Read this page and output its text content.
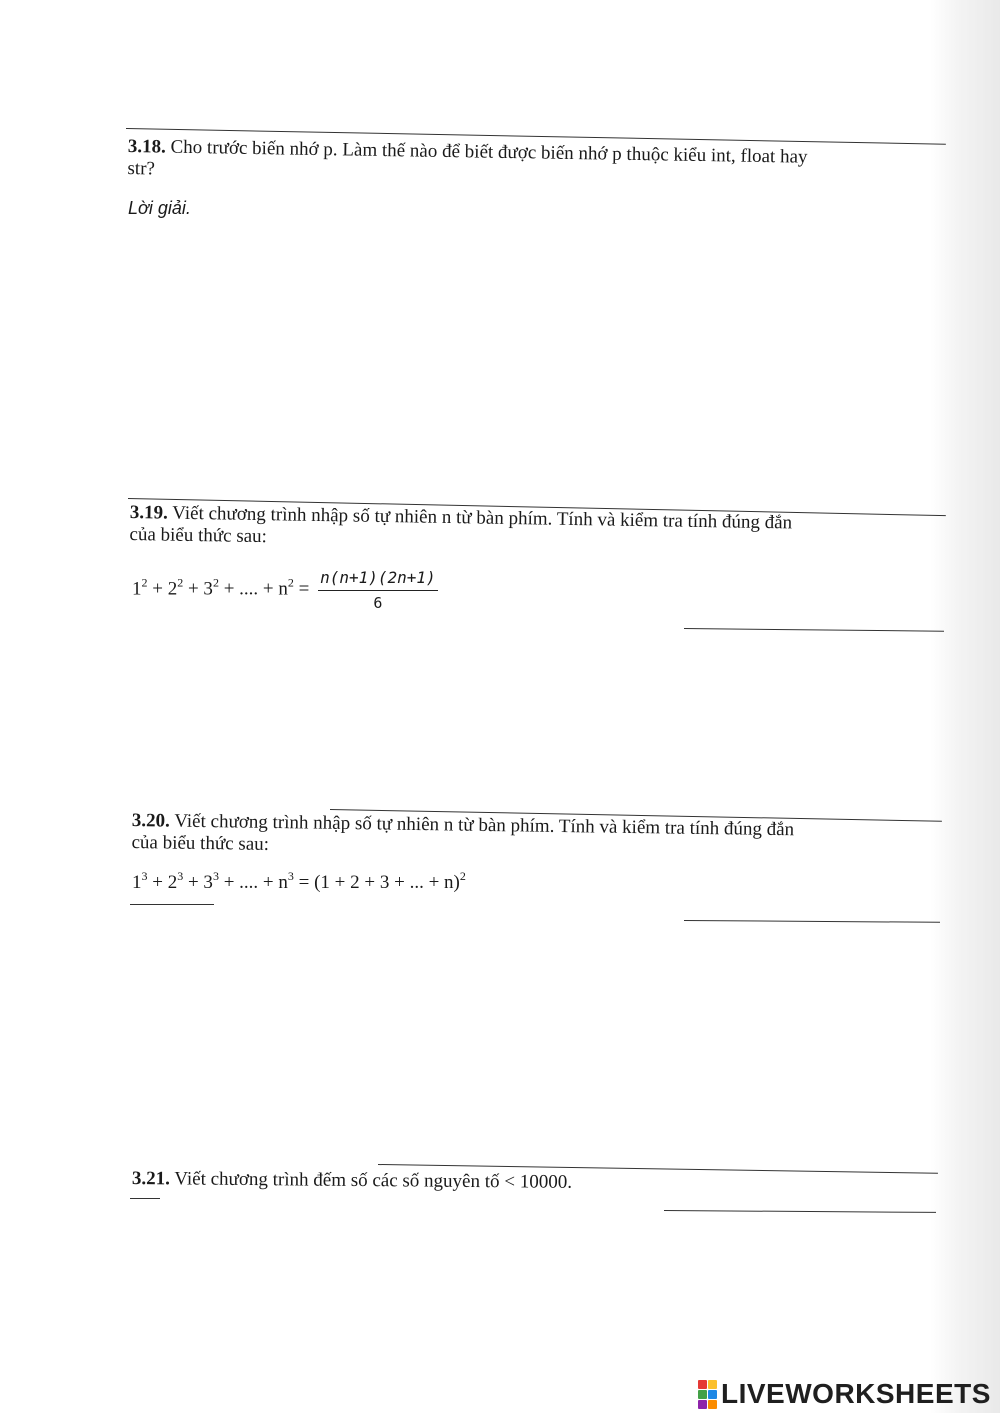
3.18. Cho trước biến nhớ p. Làm thế nào để biết được biến nhớ p thuộc kiểu int, float hay
str?
Lời giải.
3.19. Viết chương trình nhập số tự nhiên n từ bàn phím. Tính và kiểm tra tính đúng đắn
của biểu thức sau:
$1^2 + 2^2 + 3^2$ + .... + $n^2 = \frac{n(n+1)(2n+1)}{6}$
3.20. Viết chương trình nhập số tự nhiên n từ bàn phím. Tính và kiểm tra tính đúng đắn
của biểu thức sau:
$1^3 + 2^3 + 3^3$ + .... + $n^3 = (1 + 2 + 3$ + ... + n)$^2$
3.21. Viết chương trình đếm số các số nguyên tố < 10000.
LIVEWORKSHEETS
